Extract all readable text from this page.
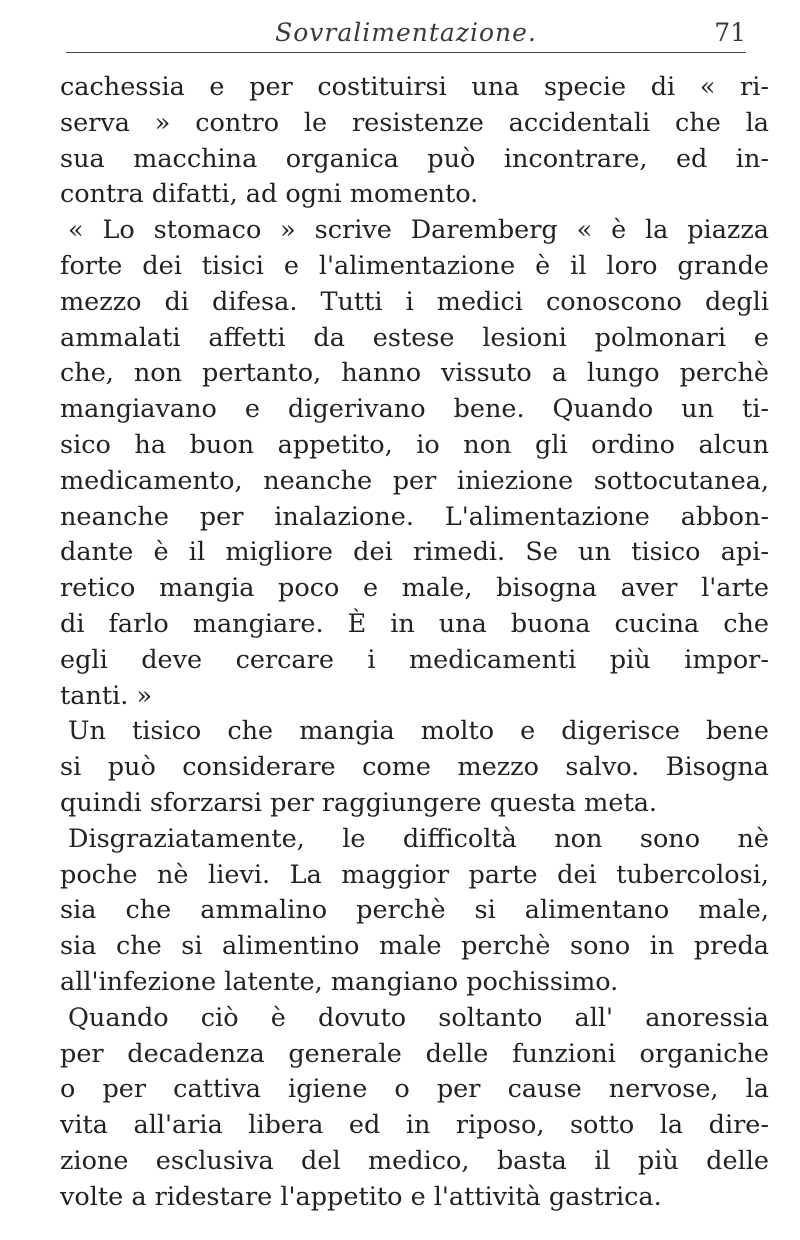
Sovralimentazione.	71
cachessia e per costituirsi una specie di « ri-
serva » contro le resistenze accidentali che la
sua macchina organica può incontrare, ed in-
contra difatti, ad ogni momento.
« Lo stomaco » scrive Daremberg « è la piazza
forte dei tisici e l'alimentazione è il loro grande
mezzo di difesa. Tutti i medici conoscono degli
ammalati affetti da estese lesioni polmonari e
che, non pertanto, hanno vissuto a lungo perchè
mangiavano e digerivano bene. Quando un ti-
sico ha buon appetito, io non gli ordino alcun
medicamento, neanche per iniezione sottocutanea,
neanche per inalazione. L'alimentazione abbon-
dante è il migliore dei rimedi. Se un tisico api-
retico mangia poco e male, bisogna aver l'arte
di farlo mangiare. È in una buona cucina che
egli deve cercare i medicamenti più impor-
tanti. »
Un tisico che mangia molto e digerisce bene
si può considerare come mezzo salvo. Bisogna
quindi sforzarsi per raggiungere questa meta.
Disgraziatamente, le difficoltà non sono nè
poche nè lievi. La maggior parte dei tubercolosi,
sia che ammalino perchè si alimentano male,
sia che si alimentino male perchè sono in preda
all'infezione latente, mangiano pochissimo.
Quando ciò è dovuto soltanto all' anoressia
per decadenza generale delle funzioni organiche
o per cattiva igiene o per cause nervose, la
vita all'aria libera ed in riposo, sotto la dire-
zione esclusiva del medico, basta il più delle
volte a ridestare l'appetito e l'attività gastrica.
